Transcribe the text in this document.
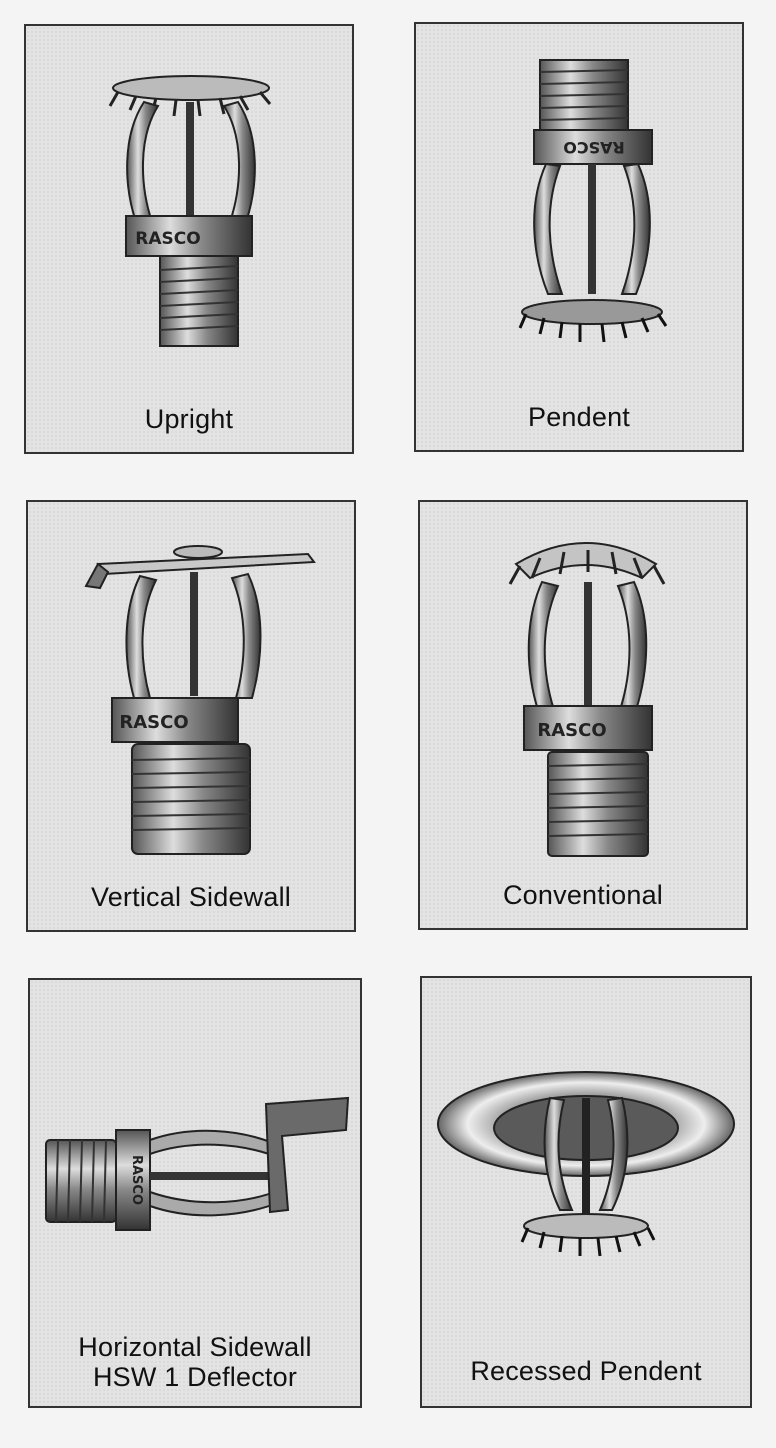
RASCO
Upright
RASCO
Pendent
RASCO
Vertical Sidewall
RASCO
Conventional
RASCO
Horizontal Sidewall
HSW 1 Deflector	Recessed Pendent
